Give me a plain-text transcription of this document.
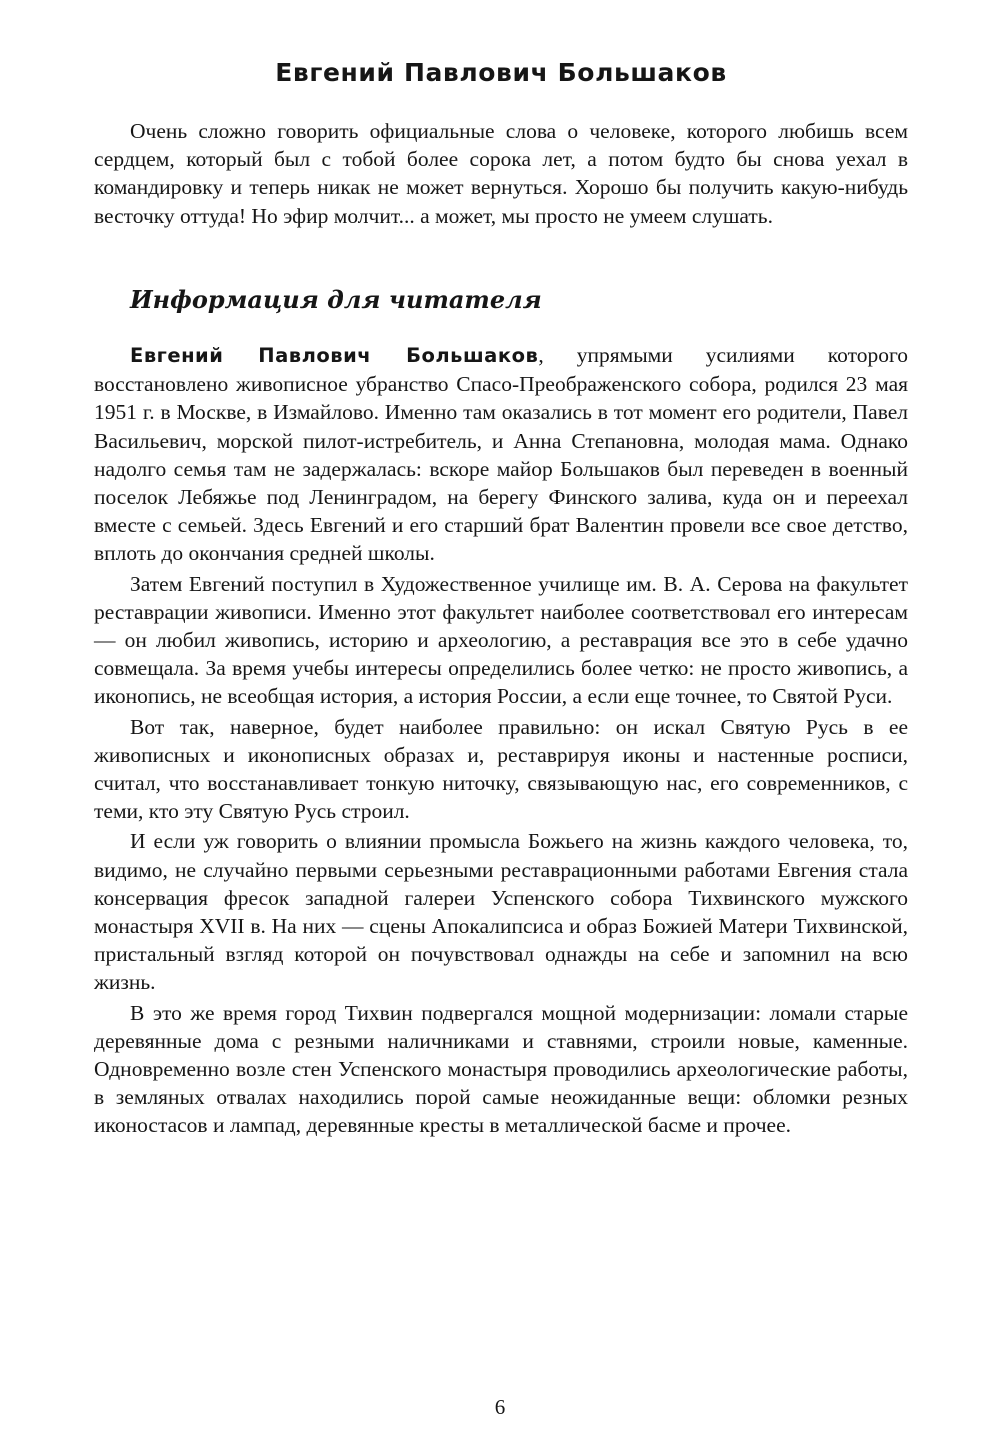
Евгений Павлович Большаков

Очень сложно говорить официальные слова о человеке, которого любишь всем сердцем, который был с тобой более сорока лет, а потом будто бы снова уехал в командировку и теперь никак не может вернуться. Хорошо бы получить какую-нибудь весточку оттуда! Но эфир молчит... а может, мы просто не умеем слушать.

Информация для читателя

Евгений Павлович Большаков, упрямыми усилиями которого восстановлено живописное убранство Спасо-Преображенского собора, родился 23 мая 1951 г. в Москве, в Измайлово. Именно там оказались в тот момент его родители, Павел Васильевич, морской пилот-истребитель, и Анна Степановна, молодая мама. Однако надолго семья там не задержалась: вскоре майор Большаков был переведен в военный поселок Лебяжье под Ленинградом, на берегу Финского залива, куда он и переехал вместе с семьей. Здесь Евгений и его старший брат Валентин провели все свое детство, вплоть до окончания средней школы.

Затем Евгений поступил в Художественное училище им. В. А. Серова на факультет реставрации живописи. Именно этот факультет наиболее соответствовал его интересам — он любил живопись, историю и археологию, а реставрация все это в себе удачно совмещала. За время учебы интересы определились более четко: не просто живопись, а иконопись, не всеобщая история, а история России, а если еще точнее, то Святой Руси.

Вот так, наверное, будет наиболее правильно: он искал Святую Русь в ее живописных и иконописных образах и, реставрируя иконы и настенные росписи, считал, что восстанавливает тонкую ниточку, связывающую нас, его современников, с теми, кто эту Святую Русь строил.

И если уж говорить о влиянии промысла Божьего на жизнь каждого человека, то, видимо, не случайно первыми серьезными реставрационными работами Евгения стала консервация фресок западной галереи Успенского собора Тихвинского мужского монастыря XVII в. На них — сцены Апокалипсиса и образ Божией Матери Тихвинской, пристальный взгляд которой он почувствовал однажды на себе и запомнил на всю жизнь.

В это же время город Тихвин подвергался мощной модернизации: ломали старые деревянные дома с резными наличниками и ставнями, строили новые, каменные. Одновременно возле стен Успенского монастыря проводились археологические работы, в земляных отвалах находились порой самые неожиданные вещи: обломки резных иконостасов и лампад, деревянные кресты в металлической басме и прочее.

6
